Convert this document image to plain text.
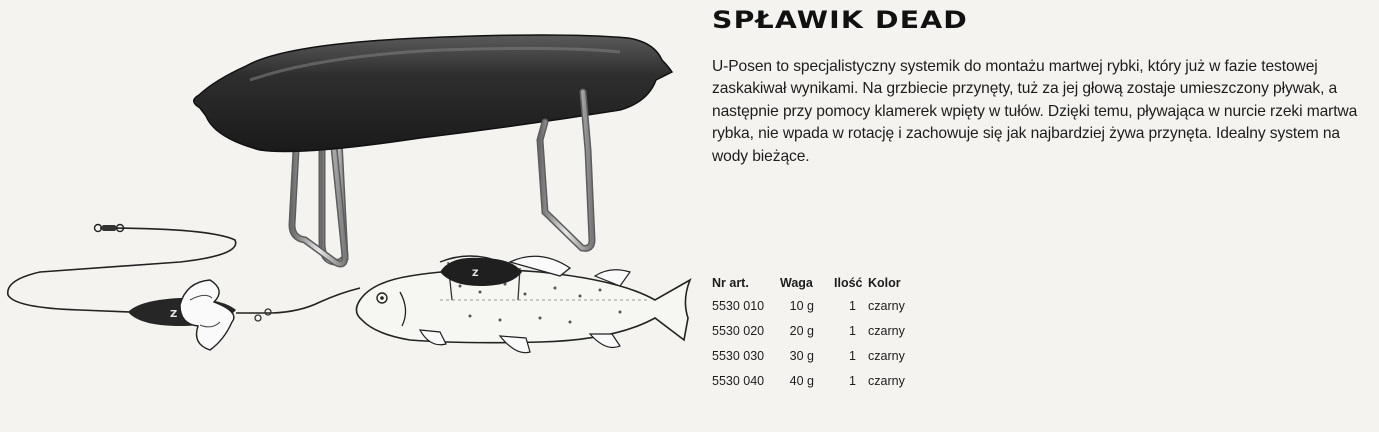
Z
Z
SPŁAWIK DEAD

U-Posen to specjalistyczny systemik do montażu martwej rybki, który już w fazie testowej zaskakiwał wynikami. Na grzbiecie przynęty, tuż za jej głową zostaje umieszczony pływak, a następnie przy pomocy klamerek wpięty w tułów. Dzięki temu, pływająca w nurcie rzeki martwa rybka, nie wpada w rotację i zachowuje się jak najbardziej żywa przynęta. Idealny system na wody bieżące.

Nr art.	Waga	Ilość	Kolor
5530 010	10 g	1	czarny
5530 020	20 g	1	czarny
5530 030	30 g	1	czarny
5530 040	40 g	1	czarny
